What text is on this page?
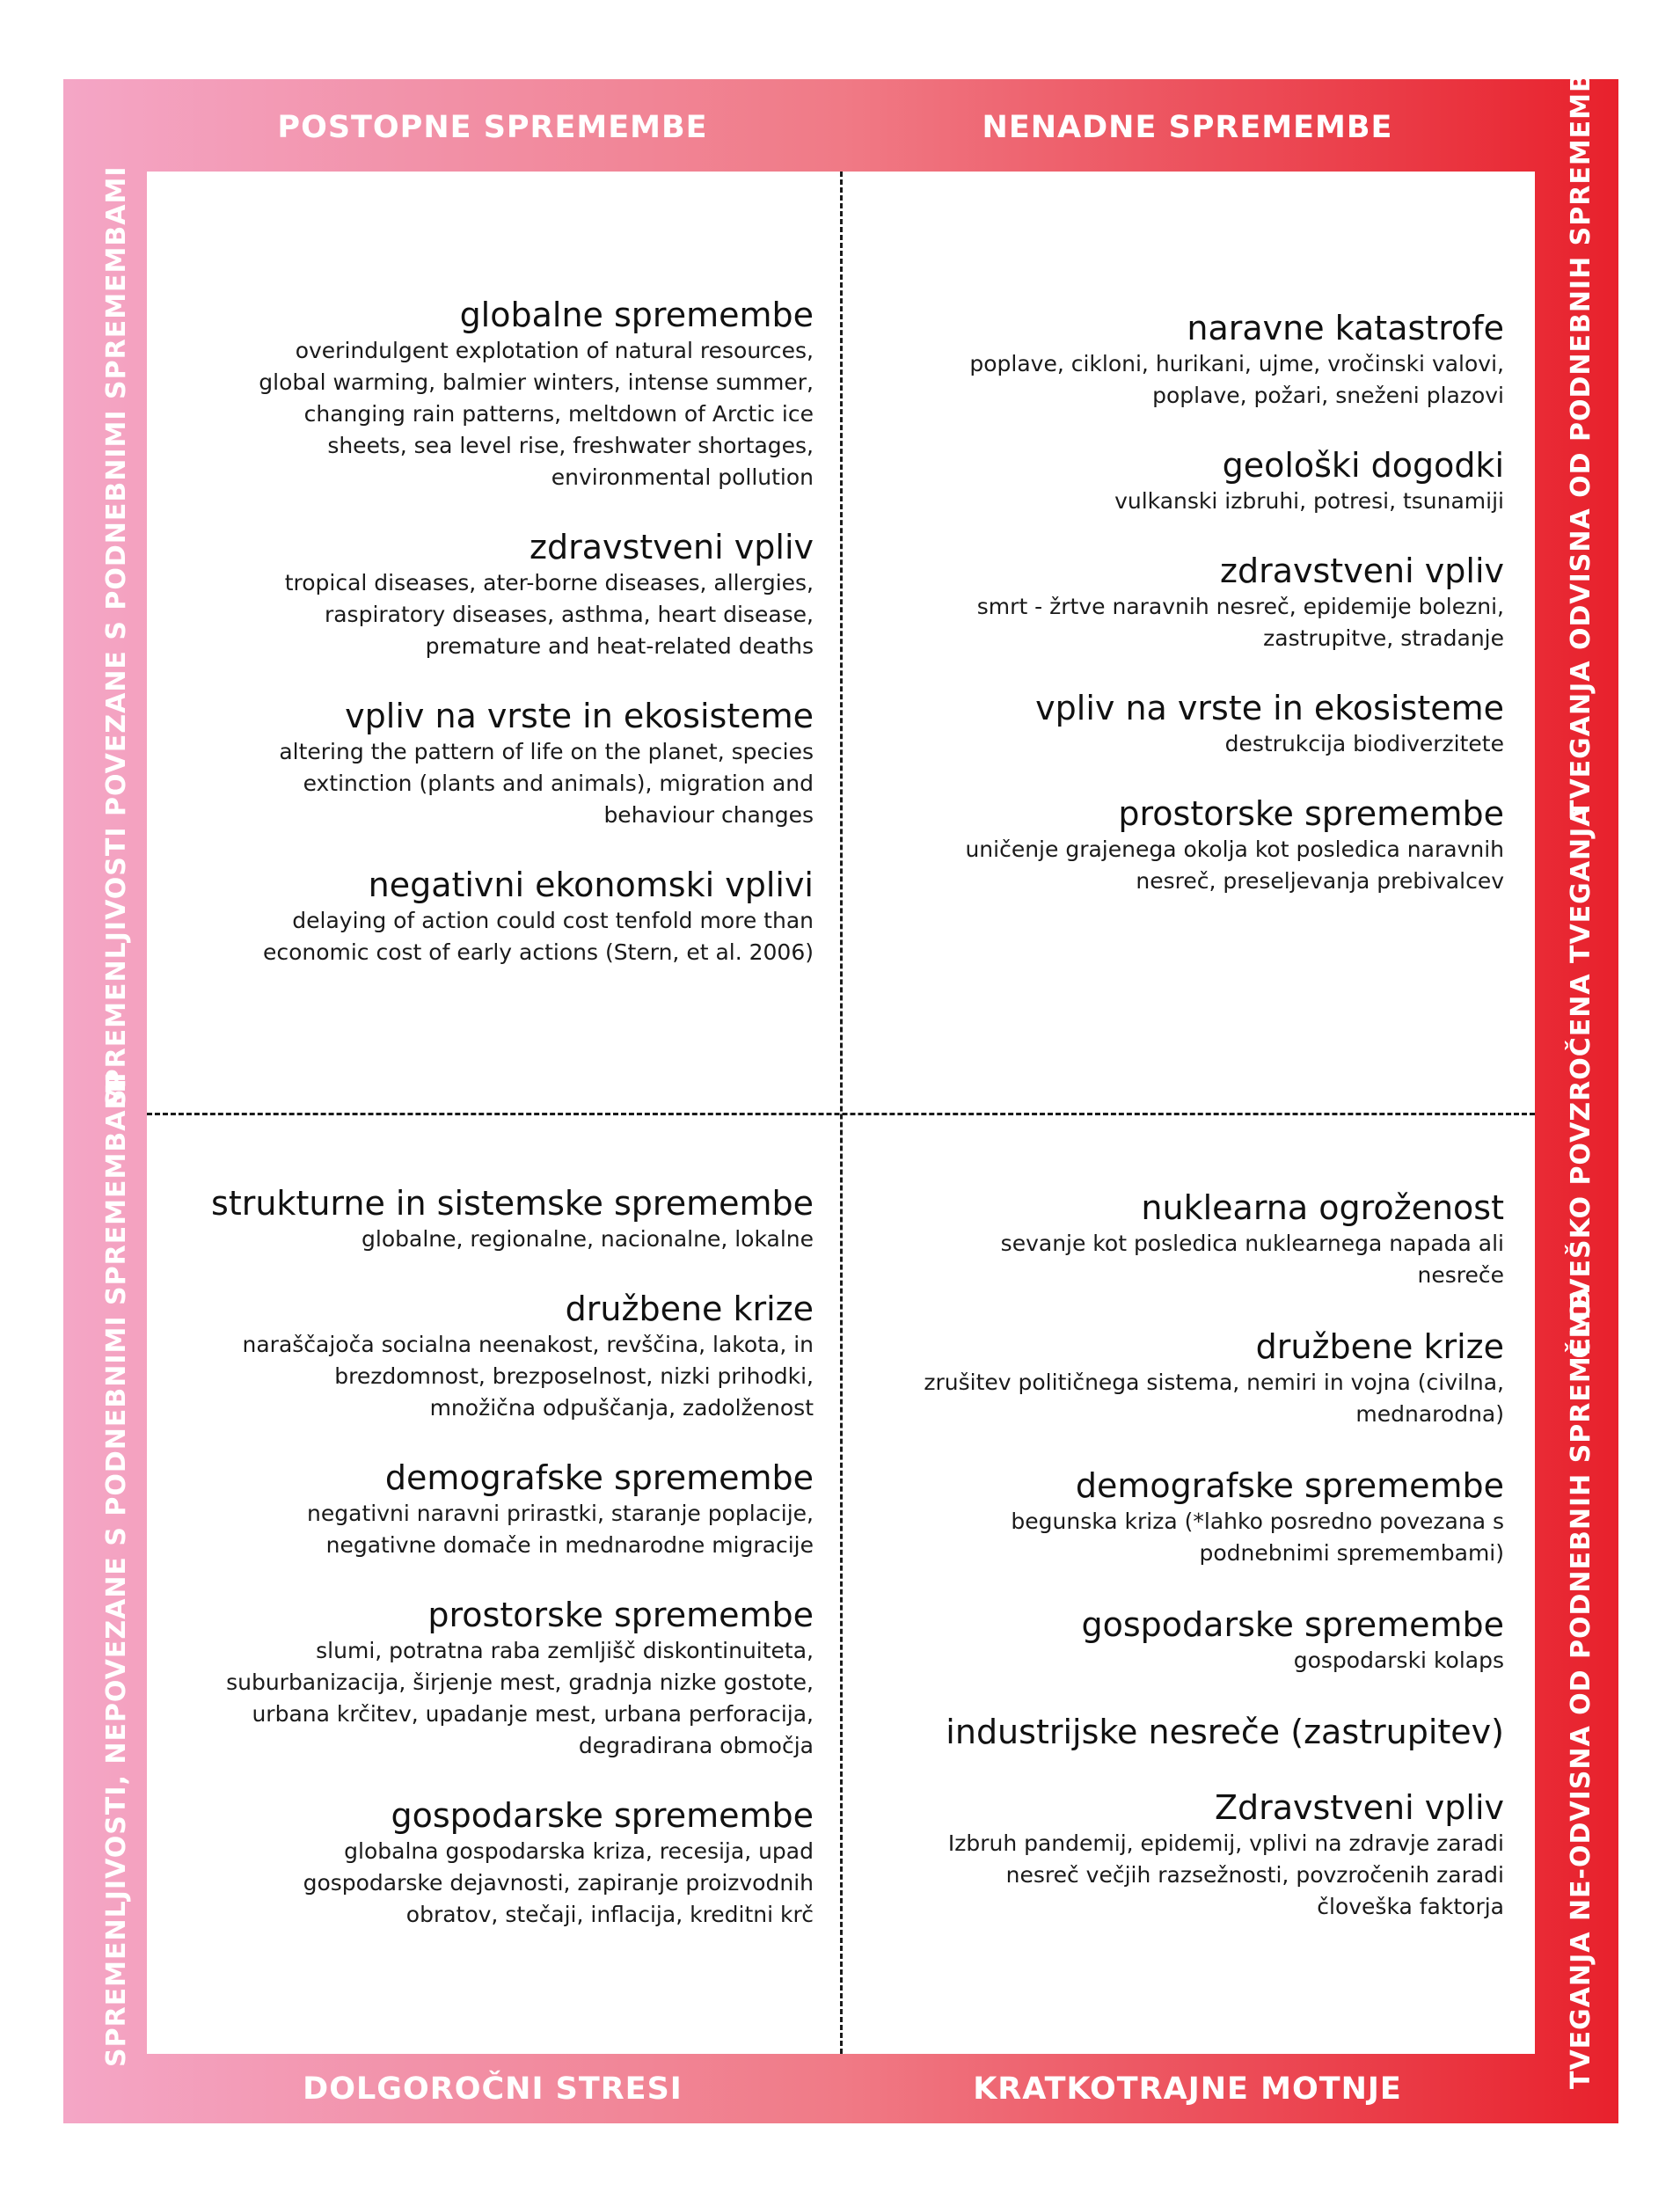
POSTOPNE SPREMEMBE	NENADNE SPREMEMBE
DOLGOROČNI STRESI	KRATKOTRAJNE MOTNJE
SPREMENLJIVOSTI POVEZANE S PODNEBNIMI SPREMEMBAMI
SPREMENLJIVOSTI, NEPOVEZANE S PODNEBNIMI SPREMEMBAMI
TVEGANJA ODVISNA OD PODNEBNIH SPREMEMB
ČLOVEŠKO POVZROČENA TVEGANJA
TVEGANJA NE-ODVISNA OD PODNEBNIH SPREMEMB
globalne spremembe
overindulgent explotation of natural resources,
global warming, balmier winters, intense summer,
changing rain patterns, meltdown of Arctic ice
sheets, sea level rise, freshwater shortages,
environmental pollution
zdravstveni vpliv
tropical diseases, ater-borne diseases, allergies,
raspiratory diseases, asthma, heart disease,
premature and heat-related deaths
vpliv na vrste in ekosisteme
altering the pattern of life on the planet, species
extinction (plants and animals), migration and
behaviour changes
negativni ekonomski vplivi
delaying of action could cost tenfold more than
economic cost of early actions (Stern, et al. 2006)
naravne katastrofe
poplave, cikloni, hurikani, ujme, vročinski valovi,
poplave, požari, sneženi plazovi
geološki dogodki
vulkanski izbruhi, potresi, tsunamiji
zdravstveni vpliv
smrt - žrtve naravnih nesreč, epidemije bolezni,
zastrupitve, stradanje
vpliv na vrste in ekosisteme
destrukcija biodiverzitete
prostorske spremembe
uničenje grajenega okolja kot posledica naravnih
nesreč, preseljevanja prebivalcev
strukturne in sistemske spremembe
globalne, regionalne, nacionalne, lokalne
družbene krize
naraščajoča socialna neenakost, revščina, lakota, in
brezdomnost, brezposelnost, nizki prihodki,
množična odpuščanja, zadolženost
demografske spremembe
negativni naravni prirastki, staranje poplacije,
negativne domače in mednarodne migracije
prostorske spremembe
slumi, potratna raba zemljišč diskontinuiteta,
suburbanizacija, širjenje mest, gradnja nizke gostote,
urbana krčitev, upadanje mest, urbana perforacija,
degradirana območja
gospodarske spremembe
globalna gospodarska kriza, recesija, upad
gospodarske dejavnosti, zapiranje proizvodnih
obratov, stečaji, inflacija, kreditni krč
nuklearna ogroženost
sevanje kot posledica nuklearnega napada ali
nesreče
družbene krize
zrušitev političnega sistema, nemiri in vojna (civilna,
mednarodna)
demografske spremembe
begunska kriza (*lahko posredno povezana s
podnebnimi spremembami)
gospodarske spremembe
gospodarski kolaps
industrijske nesreče (zastrupitev)
Zdravstveni vpliv
Izbruh pandemij, epidemij, vplivi na zdravje zaradi
nesreč večjih razsežnosti, povzročenih zaradi
človeška faktorja
